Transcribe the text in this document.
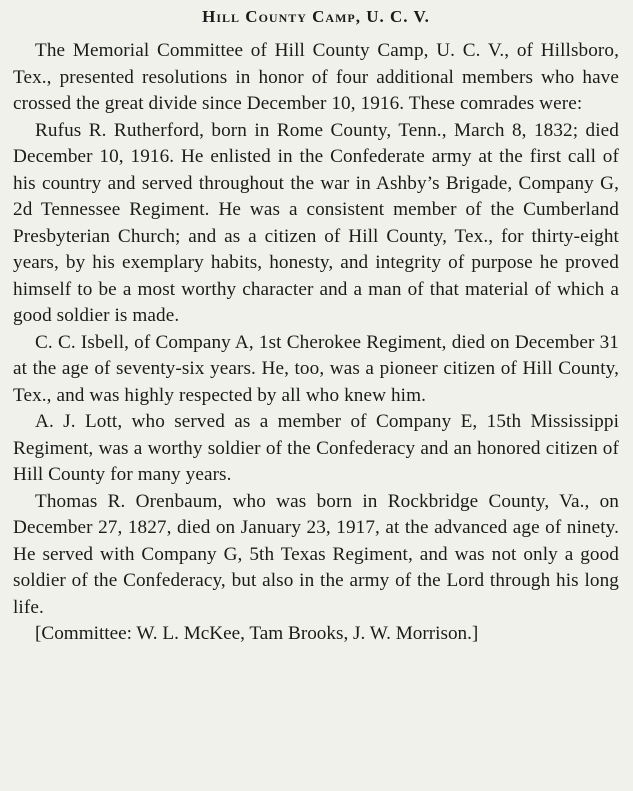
Hill County Camp, U. C. V.

The Memorial Committee of Hill County Camp, U. C. V., of Hillsboro, Tex., presented resolutions in honor of four additional members who have crossed the great divide since December 10, 1916. These comrades were:

Rufus R. Rutherford, born in Rome County, Tenn., March 8, 1832; died December 10, 1916. He enlisted in the Confederate army at the first call of his country and served throughout the war in Ashby’s Brigade, Company G, 2d Tennessee Regiment. He was a consistent member of the Cumberland Presbyterian Church; and as a citizen of Hill County, Tex., for thirty-eight years, by his exemplary habits, honesty, and integrity of purpose he proved himself to be a most worthy character and a man of that material of which a good soldier is made.

C. C. Isbell, of Company A, 1st Cherokee Regiment, died on December 31 at the age of seventy-six years. He, too, was a pioneer citizen of Hill County, Tex., and was highly respected by all who knew him.

A. J. Lott, who served as a member of Company E, 15th Mississippi Regiment, was a worthy soldier of the Confederacy and an honored citizen of Hill County for many years.

Thomas R. Orenbaum, who was born in Rockbridge County, Va., on December 27, 1827, died on January 23, 1917, at the advanced age of ninety. He served with Company G, 5th Texas Regiment, and was not only a good soldier of the Confederacy, but also in the army of the Lord through his long life.

[Committee: W. L. McKee, Tam Brooks, J. W. Morrison.]
